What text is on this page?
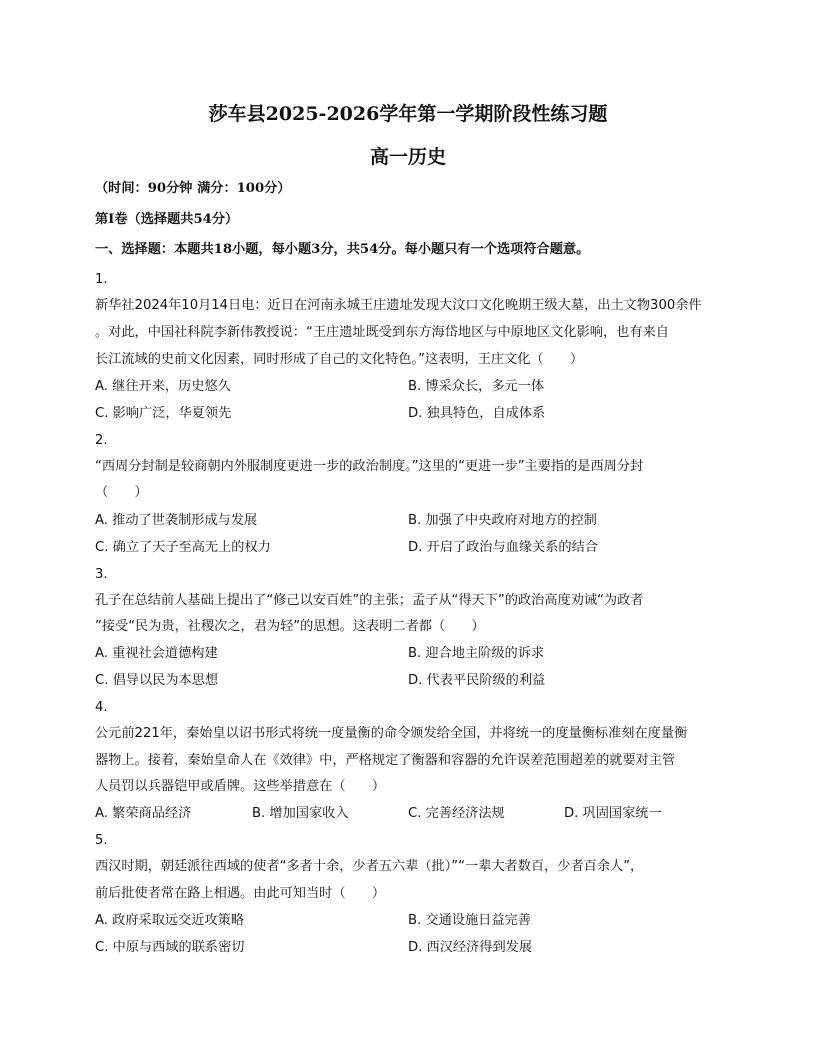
莎车县2025-2026学年第一学期阶段性练习题
高一历史
（时间：90分钟 满分：100分）
第Ⅰ卷（选择题共54分）
一、选择题：本题共18小题，每小题3分，共54分。每小题只有一个选项符合题意。
1.
新华社2024年10月14日电：近日在河南永城王庄遗址发现大汶口文化晚期王级大墓，出土文物300余件
。对此，中国社科院李新伟教授说：“王庄遗址既受到东方海岱地区与中原地区文化影响，也有来自
长江流域的史前文化因素，同时形成了自己的文化特色。”这表明，王庄文化（　　）
A. 继往开来，历史悠久	B. 博采众长，多元一体
C. 影响广泛，华夏领先	D. 独具特色，自成体系
2.
“西周分封制是较商朝内外服制度更进一步的政治制度。”这里的“更进一步”主要指的是西周分封
（　　）
A. 推动了世袭制形成与发展	B. 加强了中央政府对地方的控制
C. 确立了天子至高无上的权力	D. 开启了政治与血缘关系的结合
3.
孔子在总结前人基础上提出了“修己以安百姓”的主张；孟子从“得天下”的政治高度劝诫“为政者
”接受“民为贵，社稷次之，君为轻”的思想。这表明二者都（　　）
A. 重视社会道德构建	B. 迎合地主阶级的诉求
C. 倡导以民为本思想	D. 代表平民阶级的利益
4.
公元前221年，秦始皇以诏书形式将统一度量衡的命令颁发给全国，并将统一的度量衡标准刻在度量衡
器物上。接着，秦始皇命人在《效律》中，严格规定了衡器和容器的允许误差范围超差的就要对主管
人员罚以兵器铠甲或盾牌。这些举措意在（　　）
A. 繁荣商品经济	B. 增加国家收入	C. 完善经济法规	D. 巩固国家统一
5.
西汉时期，朝廷派往西域的使者“多者十余，少者五六辈（批）”“一辈大者数百，少者百余人”，
前后批使者常在路上相遇。由此可知当时（　　）
A. 政府采取远交近攻策略	B. 交通设施日益完善
C. 中原与西域的联系密切	D. 西汉经济得到发展
